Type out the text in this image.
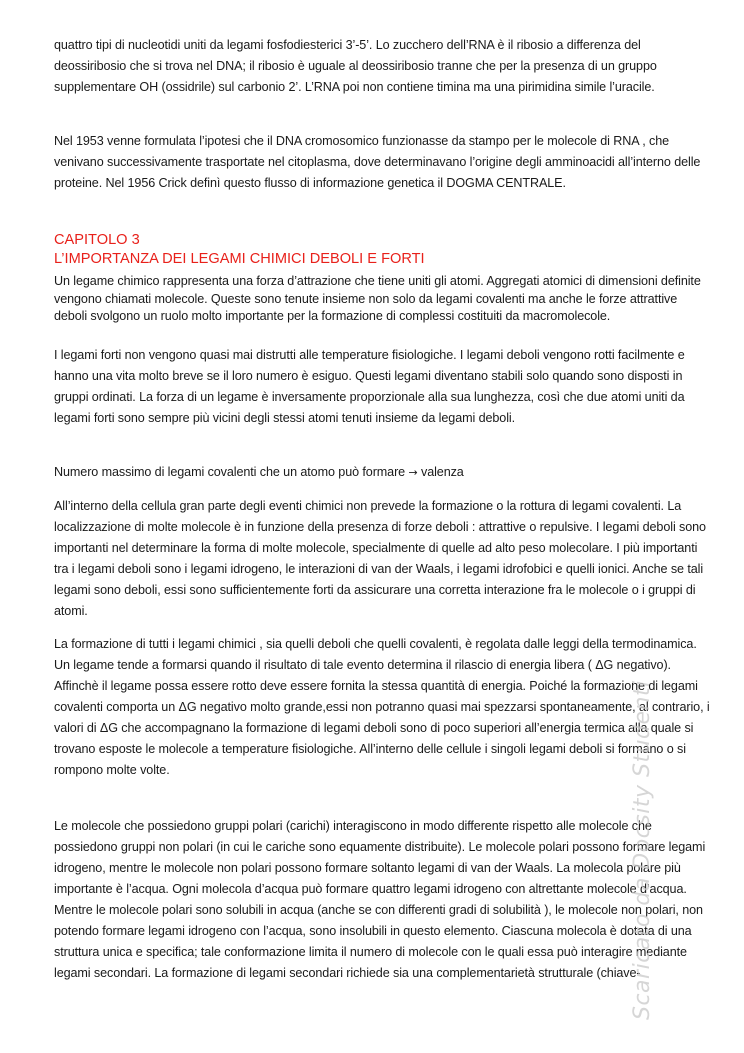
quattro tipi di nucleotidi uniti da legami fosfodiesterici 3’-5’. Lo zucchero dell’RNA è il ribosio a differenza del deossiribosio che si trova nel DNA; il ribosio è uguale al deossiribosio tranne che per la presenza di un gruppo supplementare OH (ossidrile) sul carbonio 2’. L’RNA poi non contiene timina ma una pirimidina simile l’uracile.

Nel 1953 venne formulata l’ipotesi che il DNA cromosomico funzionasse da stampo per le molecole di RNA , che venivano successivamente trasportate nel citoplasma, dove determinavano l’origine degli amminoacidi all’interno delle proteine. Nel 1956 Crick definì questo flusso di informazione genetica il DOGMA CENTRALE.

CAPITOLO 3
L’IMPORTANZA DEI LEGAMI CHIMICI DEBOLI E FORTI

Un legame chimico rappresenta una forza d’attrazione che tiene uniti gli atomi. Aggregati atomici di dimensioni definite vengono chiamati molecole. Queste sono tenute insieme non solo da legami covalenti ma anche le forze attrattive deboli svolgono un ruolo molto importante per la formazione di complessi costituiti da macromolecole.

I legami forti non vengono quasi mai distrutti alle temperature fisiologiche. I legami deboli vengono rotti facilmente e hanno una vita molto breve se il loro numero è esiguo. Questi legami diventano stabili solo quando sono disposti in gruppi ordinati. La forza di un legame è inversamente proporzionale alla sua lunghezza, così che due atomi uniti da legami forti sono sempre più vicini degli stessi atomi tenuti insieme da legami deboli.

Numero massimo di legami covalenti che un atomo può formare → valenza

All’interno della cellula gran parte degli eventi chimici non prevede la formazione o la rottura di legami covalenti. La localizzazione di molte molecole è in funzione della presenza di forze deboli : attrattive o repulsive. I legami deboli sono importanti nel determinare la forma di molte molecole, specialmente di quelle ad alto peso molecolare. I più importanti tra i legami deboli sono i legami idrogeno, le interazioni di van der Waals, i legami idrofobici e quelli ionici. Anche se tali legami sono deboli, essi sono sufficientemente forti da assicurare una corretta interazione fra le molecole o i gruppi di atomi.

La formazione di tutti i legami chimici , sia quelli deboli che quelli covalenti, è regolata dalle leggi della termodinamica. Un legame tende a formarsi quando il risultato di tale evento determina il rilascio di energia libera ( ΔG negativo). Affinchè il legame possa essere rotto deve essere fornita la stessa quantità di energia. Poiché la formazione di legami covalenti comporta un ΔG negativo molto grande,essi non potranno quasi mai spezzarsi spontaneamente, al contrario, i valori di ΔG che accompagnano la formazione di legami deboli sono di poco superiori all’energia termica alla quale si trovano esposte le molecole a temperature fisiologiche. All’interno delle cellule i singoli legami deboli si formano o si rompono molte volte.

Le molecole che possiedono gruppi polari (carichi) interagiscono in modo differente rispetto alle molecole che possiedono gruppi non polari (in cui le cariche sono equamente distribuite). Le molecole polari possono formare legami idrogeno, mentre le molecole non polari possono formare soltanto legami di van der Waals. La molecola polare più importante è l’acqua. Ogni molecola d’acqua può formare quattro legami idrogeno con altrettante molecole d’acqua. Mentre le molecole polari sono solubili in acqua (anche se con differenti gradi di solubilità ), le molecole non polari, non potendo formare legami idrogeno con l’acqua, sono insolubili in questo elemento. Ciascuna molecola è dotata di una struttura unica e specifica; tale conformazione limita il numero di molecole con le quali essa può interagire mediante legami secondari. La formazione di legami secondari richiede sia una complementarietà strutturale (chiave-

Scaricato da Docsity Studenti
